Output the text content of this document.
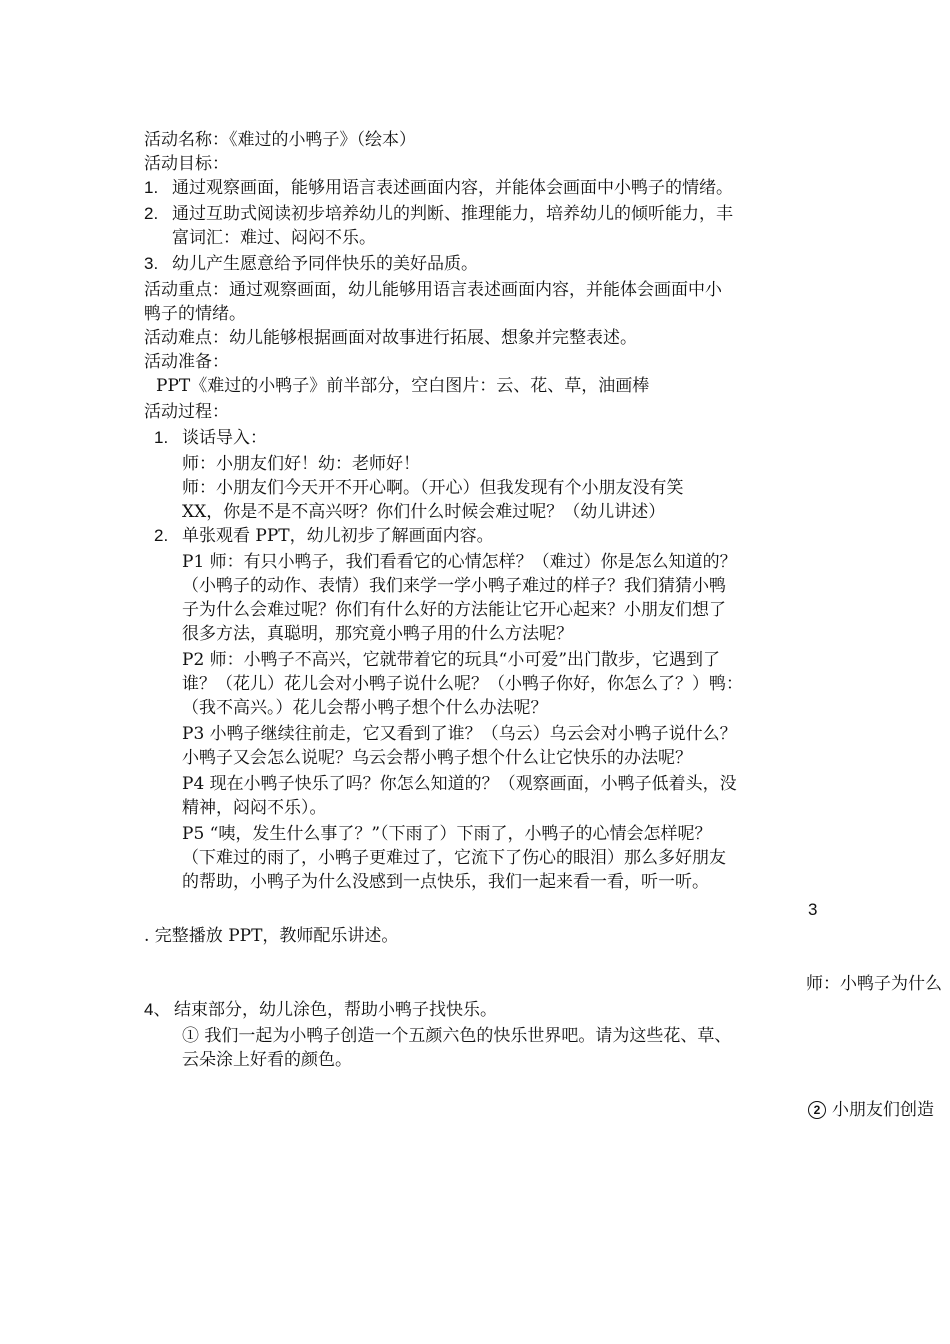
活动名称：《难过的小鸭子》（绘本）
活动目标：
1. 通过观察画面，能够用语言表述画面内容，并能体会画面中小鸭子的情绪。
2. 通过互助式阅读初步培养幼儿的判断、推理能力，培养幼儿的倾听能力，丰
富词汇：难过、闷闷不乐。
3. 幼儿产生愿意给予同伴快乐的美好品质。
活动重点：通过观察画面，幼儿能够用语言表述画面内容，并能体会画面中小
鸭子的情绪。
活动难点：幼儿能够根据画面对故事进行拓展、想象并完整表述。
活动准备：
PPT《难过的小鸭子》前半部分，空白图片：云、花、草，油画棒
活动过程：
1. 谈话导入：
师：小朋友们好！幼：老师好！
师：小朋友们今天开不开心啊。（开心）但我发现有个小朋友没有笑
XX，你是不是不高兴呀？你们什么时候会难过呢？（幼儿讲述）
2. 单张观看 PPT，幼儿初步了解画面内容。
P1 师：有只小鸭子，我们看看它的心情怎样？（难过）你是怎么知道的？
（小鸭子的动作、表情）我们来学一学小鸭子难过的样子？我们猜猜小鸭
子为什么会难过呢？你们有什么好的方法能让它开心起来？小朋友们想了
很多方法，真聪明，那究竟小鸭子用的什么方法呢？
P2 师：小鸭子不高兴，它就带着它的玩具“小可爱”出门散步，它遇到了
谁？（花儿）花儿会对小鸭子说什么呢？（小鸭子你好，你怎么了？）鸭：
（我不高兴。）花儿会帮小鸭子想个什么办法呢？
P3 小鸭子继续往前走，它又看到了谁？（乌云）乌云会对小鸭子说什么？
小鸭子又会怎么说呢？乌云会帮小鸭子想个什么让它快乐的办法呢？
P4 现在小鸭子快乐了吗？你怎么知道的？（观察画面，小鸭子低着头，没
精神，闷闷不乐）。
P5 “咦，发生什么事了？”（下雨了）下雨了，小鸭子的心情会怎样呢？
（下难过的雨了，小鸭子更难过了，它流下了伤心的眼泪）那么多好朋友
的帮助，小鸭子为什么没感到一点快乐，我们一起来看一看，听一听。
3
. 完整播放 PPT，教师配乐讲述。
师：小鸭子为什么
4、 结束部分，幼儿涂色，帮助小鸭子找快乐。
① 我们一起为小鸭子创造一个五颜六色的快乐世界吧。请为这些花、草、
云朵涂上好看的颜色。
2 小朋友们创造
